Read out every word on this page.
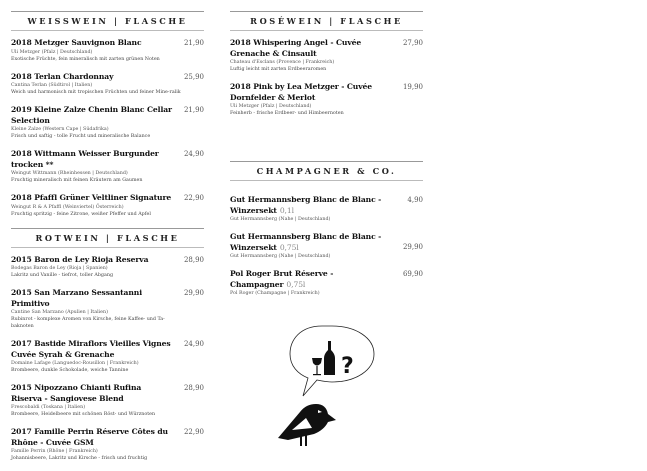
WEISSWEIN | FLASCHE
2018 Metzger Sauvignon Blanc	21,90
Uli Metzger (Pfalz | Deutschland)
Exotische Früchte, fein mineralisch mit zarten grünen Noten
2018 Terlan Chardonnay	25,90
Cantina Terlan (Südtirol | Italien)
Weich und harmonisch mit tropischen Früchten und feiner Mine-ralik
2019 Kleine Zalze Chenin Blanc Cellar Selection
21,90
Kleine Zalze (Western Cape | Südafrika)
Frisch und saftig - tolle Frucht und mineralische Balance
2018 Wittmann Weisser Burgunder trocken **
24,90
Weingut Wittmann (Rheinhessen | Deutschland)
Fruchtig mineralisch mit feinen Kräutern am Gaumen
2018 Pfaffl Grüner Veltliner Signature	22,90
Weingut R & A Pfaffl (Weinviertel) Österreich)
Fruchtig spritzig - feine Zitrone, weißer Pfeffer und Apfel
ROTWEIN | FLASCHE
2015 Baron de Ley Rioja Reserva	28,90
Bodegas Baron de Ley (Rioja | Spanien)
Lakritz und Vanille - tiefrot, toller Abgang
2015 San Marzano Sessantanni Primitivo
29,90
Cantine San Marzano (Apulien | Italien)
Rubinrot - komplexe Aromen von Kirsche, feine Kaffee- und Ta-baknoten
2017 Bastide Miraflors Vieilles Vignes Cuvée Syrah & Grenache
24,90
Domaine Lafage (Languedoc-Rousillon | Frankreich)
Brombeere, dunkle Schokolade, weiche Tannine
2015 Nipozzano Chianti Rufina Riserva - Sangiovese Blend
28,90
Frescobaldi (Toskana | Italien)
Brombeere, Heidelbeere mit schönen Röst- und Würznoten
2017 Famille Perrin Réserve Côtes du Rhône - Cuvée GSM
22,90
Famille Perrin (Rhône | Frankreich)
Johannisbeere, Lakritz und Kirsche - frisch und fruchtig
ROSÉWEIN | FLASCHE
2018 Whispering Angel - Cuvée Grenache & Cinsault
27,90
Chateau d'Esclans (Provence | Frankreich)
Luftig leicht mit zarten Erdbeeraromen
2018 Pink by Lea Metzger - Cuvée Dornfelder & Merlot
19,90
Uli Metzger (Pfalz | Deutschland)
Feinherb - frische Erdbeer- und Himbeernoten
CHAMPAGNER & CO.
Gut Hermannsberg Blanc de Blanc - Winzersekt 0,1l
4,90
Gut Hermannsberg (Nahe | Deutschland)
Gut Hermannsberg Blanc de Blanc - Winzersekt 0,75l	29,90
Gut Hermannsberg (Nahe | Deutschland)
Pol Roger Brut Réserve - Champagner 0,75l
69,90
Pol Roger (Champagne | Frankreich)
?
